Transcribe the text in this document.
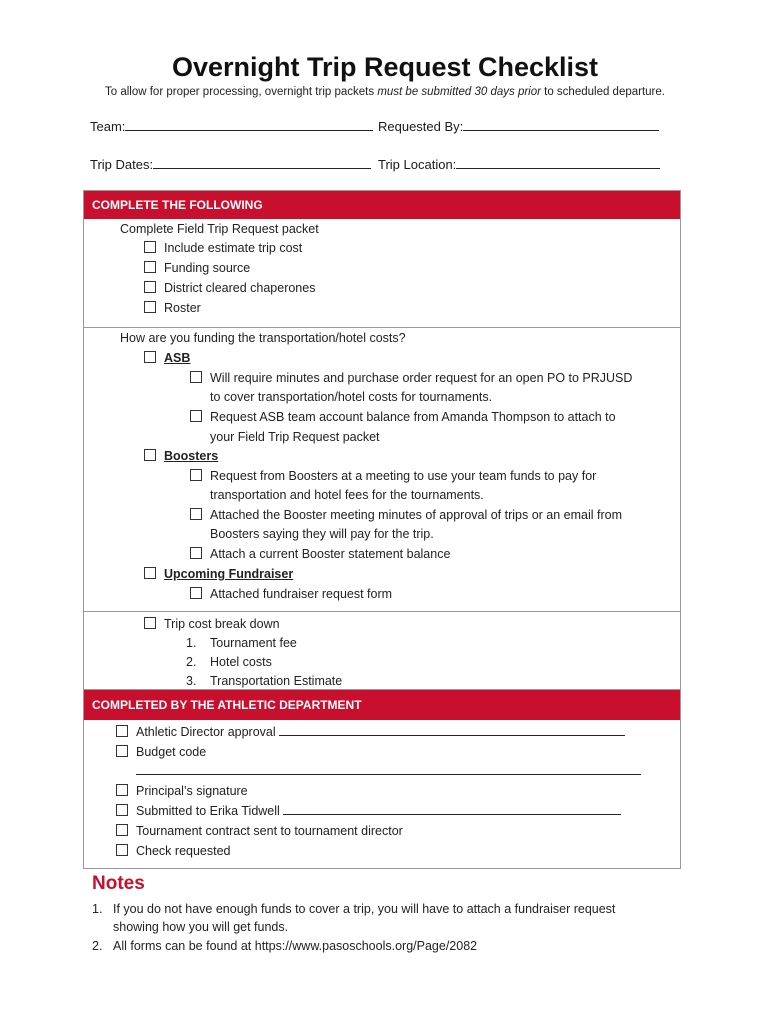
Overnight Trip Request Checklist
To allow for proper processing, overnight trip packets must be submitted 30 days prior to scheduled departure.
Team:	Requested By:
Trip Dates:	Trip Location:
COMPLETE THE FOLLOWING
Complete Field Trip Request packet
Include estimate trip cost
Funding source
District cleared chaperones
Roster
How are you funding the transportation/hotel costs?
ASB
Will require minutes and purchase order request for an open PO to PRJUSD
to cover transportation/hotel costs for tournaments.
Request ASB team account balance from Amanda Thompson to attach to
your Field Trip Request packet
Boosters
Request from Boosters at a meeting to use your team funds to pay for
transportation and hotel fees for the tournaments.
Attached the Booster meeting minutes of approval of trips or an email from
Boosters saying they will pay for the trip.
Attach a current Booster statement balance
Upcoming Fundraiser
Attached fundraiser request form
Trip cost break down
1. Tournament fee
2. Hotel costs
3. Transportation Estimate
COMPLETED BY THE ATHLETIC DEPARTMENT
Athletic Director approval
Budget code
Principal’s signature
Submitted to Erika Tidwell
Tournament contract sent to tournament director
Check requested
Notes
1. If you do not have enough funds to cover a trip, you will have to attach a fundraiser request
showing how you will get funds.
2. All forms can be found at https://www.pasoschools.org/Page/2082
